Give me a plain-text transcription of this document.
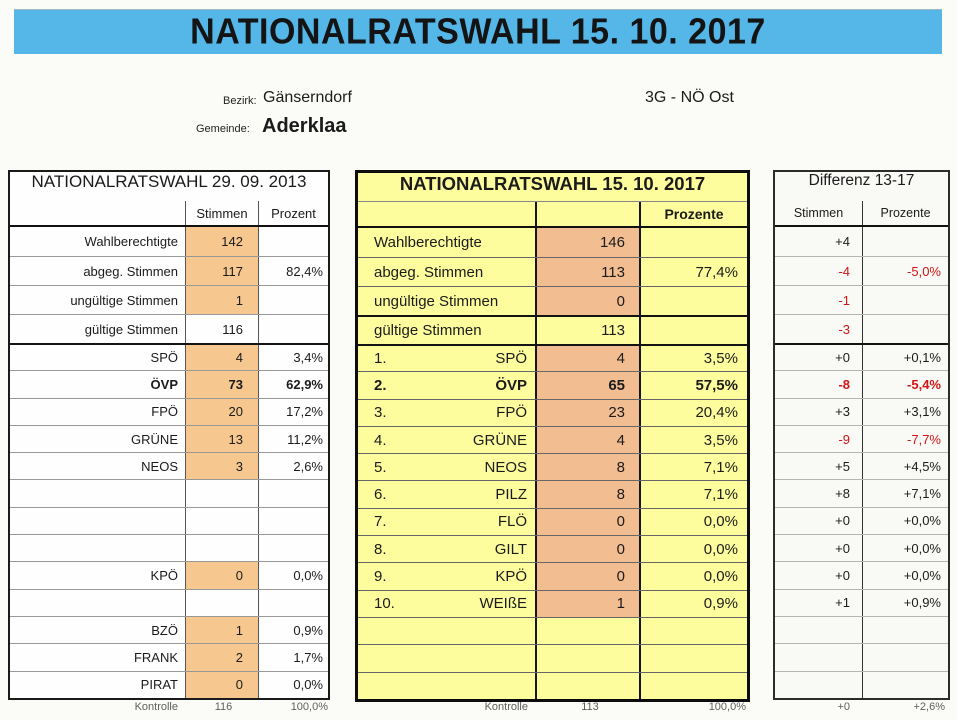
NATIONALRATSWAHL 15. 10. 2017
Bezirk: Gänserndorf	3G - NÖ Ost
Gemeinde: Aderklaa
NATIONALRATSWAHL 29. 09. 2013
Stimmen	Prozent
Wahlberechtigte	142
abgeg. Stimmen	117	82,4%
ungültige Stimmen	1
gültige Stimmen	116
SPÖ	4	3,4%
ÖVP	73	62,9%
FPÖ	20	17,2%
GRÜNE	13	11,2%
NEOS	3	2,6%
KPÖ	0	0,0%
BZÖ	1	0,9%
FRANK	2	1,7%
PIRAT	0	0,0%
Kontrolle	116	100,0%
NATIONALRATSWAHL 15. 10. 2017
Prozente
Wahlberechtigte	146
abgeg. Stimmen	113	77,4%
ungültige Stimmen	0
gültige Stimmen	113
1.	SPÖ	4	3,5%
2.	ÖVP	65	57,5%
3.	FPÖ	23	20,4%
4.	GRÜNE	4	3,5%
5.	NEOS	8	7,1%
6.	PILZ	8	7,1%
7.	FLÖ	0	0,0%
8.	GILT	0	0,0%
9.	KPÖ	0	0,0%
10.	WEIßE	1	0,9%
Kontrolle	113	100,0%
Differenz 13-17
Stimmen	Prozente
+4
-4	-5,0%
-1
-3
+0	+0,1%
-8	-5,4%
+3	+3,1%
-9	-7,7%
+5	+4,5%
+8	+7,1%
+0	+0,0%
+0	+0,0%
+0	+0,0%
+1	+0,9%
+0	+2,6%
